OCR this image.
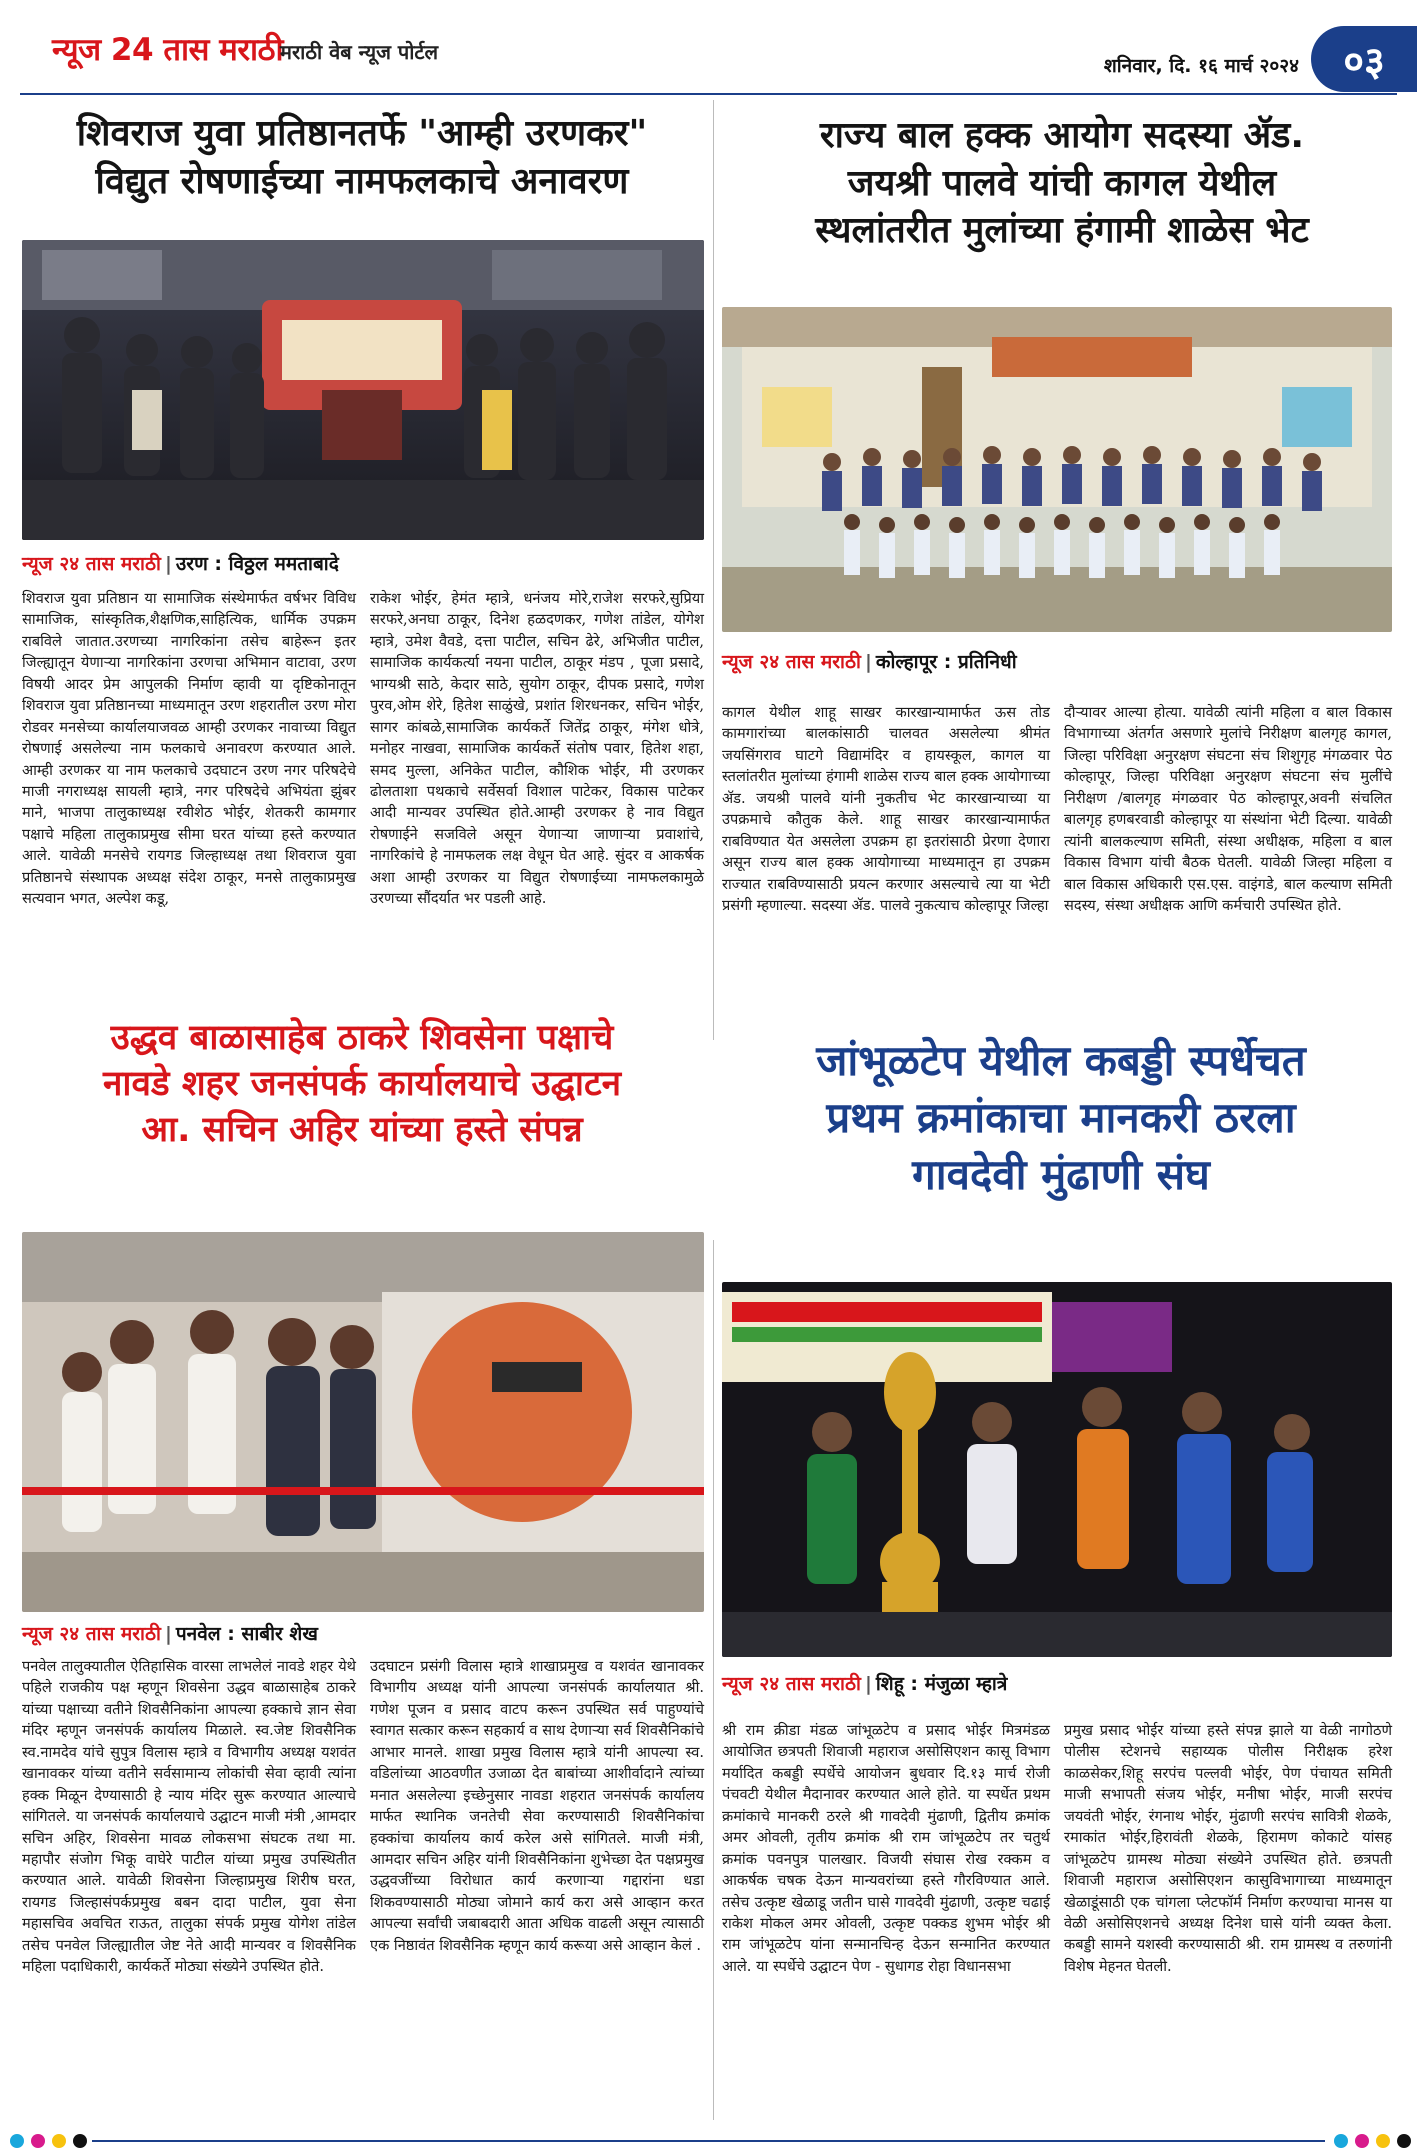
न्यूज 24 तास मराठी
मराठी वेब न्यूज पोर्टल
शनिवार, दि. १६ मार्च २०२४	०३
शिवराज युवा प्रतिष्ठानतर्फे "आम्ही उरणकर"
विद्युत रोषणाईच्या नामफलकाचे अनावरण
न्यूज २४ तास मराठी | उरण : विठ्ठल ममताबादे

शिवराज युवा प्रतिष्ठान या सामाजिक संस्थेमार्फत वर्षभर विविध सामाजिक, सांस्कृतिक,शैक्षणिक,साहित्यिक, धार्मिक उपक्रम राबविले जातात.उरणच्या नागरिकांना तसेच बाहेरून इतर जिल्ह्यातून येणाऱ्या नागरिकांना उरणचा अभिमान वाटावा, उरण विषयी आदर प्रेम आपुलकी निर्माण व्हावी या दृष्टिकोनातून शिवराज युवा प्रतिष्ठानच्या माध्यमातून उरण शहरातील उरण मोरा रोडवर मनसेच्या कार्यालयाजवळ आम्ही उरणकर नावाच्या विद्युत रोषणाई असलेल्या नाम फलकाचे अनावरण करण्यात आले. आम्ही उरणकर या नाम फलकाचे उदघाटन उरण नगर परिषदेचे माजी नगराध्यक्ष सायली म्हात्रे, नगर परिषदेचे अभियंता झुंबर माने, भाजपा तालुकाध्यक्ष रवीशेठ भोईर, शेतकरी कामगार पक्षाचे महिला तालुकाप्रमुख सीमा घरत यांच्या हस्ते करण्यात आले. यावेळी मनसेचे रायगड जिल्हाध्यक्ष तथा शिवराज युवा प्रतिष्ठानचे संस्थापक अध्यक्ष संदेश ठाकूर, मनसे तालुकाप्रमुख सत्यवान भगत, अल्पेश कडू,

राकेश भोईर, हेमंत म्हात्रे, धनंजय मोरे,राजेश सरफरे,सुप्रिया सरफरे,अनघा ठाकूर, दिनेश हळदणकर, गणेश तांडेल, योगेश म्हात्रे, उमेश वैवडे, दत्ता पाटील, सचिन ढेरे, अभिजीत पाटील, सामाजिक कार्यकर्त्या नयना पाटील, ठाकूर मंडप , पूजा प्रसादे, भाग्यश्री साठे, केदार साठे, सुयोग ठाकूर, दीपक प्रसादे, गणेश पुरव,ओम शेरे, हितेश साळुंखे, प्रशांत शिरधनकर, सचिन भोईर, सागर कांबळे,सामाजिक कार्यकर्ते जितेंद्र ठाकूर, मंगेश धोत्रे, मनोहर नाखवा, सामाजिक कार्यकर्ते संतोष पवार, हितेश शहा, समद मुल्ला, अनिकेत पाटील, कौशिक भोईर, मी उरणकर ढोलताशा पथकाचे सर्वेसर्वा विशाल पाटेकर, विकास पाटेकर आदी मान्यवर उपस्थित होते.आम्ही उरणकर हे नाव विद्युत रोषणाईने सजविले असून येणाऱ्या जाणाऱ्या प्रवाशांचे, नागरिकांचे हे नामफलक लक्ष वेधून घेत आहे. सुंदर व आकर्षक अशा आम्ही उरणकर या विद्युत रोषणाईच्या नामफलकामुळे उरणच्या सौंदर्यात भर पडली आहे.

राज्य बाल हक्क आयोग सदस्या ॲड.
जयश्री पालवे यांची कागल येथील
स्थलांतरीत मुलांच्या हंगामी शाळेस भेट
न्यूज २४ तास मराठी | कोल्हापूर : प्रतिनिधी

कागल येथील शाहू साखर कारखान्यामार्फत ऊस तोड कामगारांच्या बालकांसाठी चालवत असलेल्या श्रीमंत जयसिंगराव घाटगे विद्यामंदिर व हायस्कूल, कागल या स्तलांतरीत मुलांच्या हंगामी शाळेस राज्य बाल हक्क आयोगाच्या ॲड. जयश्री पालवे यांनी नुकतीच भेट कारखान्याच्या या उपक्रमाचे कौतुक केले. शाहू साखर कारखान्यामार्फत राबविण्यात येत असलेला उपक्रम हा इतरांसाठी प्रेरणा देणारा असून राज्य बाल हक्क आयोगाच्या माध्यमातून हा उपक्रम राज्यात राबविण्यासाठी प्रयत्न करणार असल्याचे त्या या भेटी प्रसंगी म्हणाल्या. सदस्या ॲड. पालवे नुकत्याच कोल्हापूर जिल्हा

दौऱ्यावर आल्या होत्या. यावेळी त्यांनी महिला व बाल विकास विभागाच्या अंतर्गत असणारे मुलांचे निरीक्षण बालगृह कागल, जिल्हा परिविक्षा अनुरक्षण संघटना संच शिशुगृह मंगळवार पेठ कोल्हापूर, जिल्हा परिविक्षा अनुरक्षण संघटना संच मुलींचे निरीक्षण /बालगृह मंगळवार पेठ कोल्हापूर,अवनी संचलित बालगृह हणबरवाडी कोल्हापूर या संस्थांना भेटी दिल्या. यावेळी त्यांनी बालकल्याण समिती, संस्था अधीक्षक, महिला व बाल विकास विभाग यांची बैठक घेतली. यावेळी जिल्हा महिला व बाल विकास अधिकारी एस.एस. वाइंगडे, बाल कल्याण समिती सदस्य, संस्था अधीक्षक आणि कर्मचारी उपस्थित होते.

उद्धव बाळासाहेब ठाकरे शिवसेना पक्षाचे
नावडे शहर जनसंपर्क कार्यालयाचे उद्घाटन
आ. सचिन अहिर यांच्या हस्ते संपन्न
न्यूज २४ तास मराठी | पनवेल : साबीर शेख

पनवेल तालुक्यातील ऐतिहासिक वारसा लाभलेलं नावडे शहर येथे पहिले राजकीय पक्ष म्हणून शिवसेना उद्धव बाळासाहेब ठाकरे यांच्या पक्षाच्या वतीने शिवसैनिकांना आपल्या हक्काचे ज्ञान सेवा मंदिर म्हणून जनसंपर्क कार्यालय मिळाले. स्व.जेष्ट शिवसैनिक स्व.नामदेव यांचे सुपुत्र विलास म्हात्रे व विभागीय अध्यक्ष यशवंत खानावकर यांच्या वतीने सर्वसामान्य लोकांची सेवा व्हावी त्यांना हक्क मिळून देण्यासाठी हे न्याय मंदिर सुरू करण्यात आल्याचे सांगितले. या जनसंपर्क कार्यालयाचे उद्घाटन माजी मंत्री ,आमदार सचिन अहिर, शिवसेना मावळ लोकसभा संघटक तथा मा. महापौर संजोग भिकू वाघेरे पाटील यांच्या प्रमुख उपस्थितीत करण्यात आले. यावेळी शिवसेना जिल्हाप्रमुख शिरीष घरत, रायगड जिल्हासंपर्कप्रमुख बबन दादा पाटील, युवा सेना महासचिव अवचित राऊत, तालुका संपर्क प्रमुख योगेश तांडेल तसेच पनवेल जिल्ह्यातील जेष्ट नेते आदी मान्यवर व शिवसैनिक महिला पदाधिकारी, कार्यकर्ते मोठ्या संख्येने उपस्थित होते.

उदघाटन प्रसंगी विलास म्हात्रे शाखाप्रमुख व यशवंत खानावकर विभागीय अध्यक्ष यांनी आपल्या जनसंपर्क कार्यालयात श्री. गणेश पूजन व प्रसाद वाटप करून उपस्थित सर्व पाहुण्यांचे स्वागत सत्कार करून सहकार्य व साथ देणाऱ्या सर्व शिवसैनिकांचे आभार मानले. शाखा प्रमुख विलास म्हात्रे यांनी आपल्या स्व. वडिलांच्या आठवणीत उजाळा देत बाबांच्या आशीर्वादाने त्यांच्या मनात असलेल्या इच्छेनुसार नावडा शहरात जनसंपर्क कार्यालय मार्फत स्थानिक जनतेची सेवा करण्यासाठी शिवसैनिकांचा हक्कांचा कार्यालय कार्य करेल असे सांगितले. माजी मंत्री, आमदार सचिन अहिर यांनी शिवसैनिकांना शुभेच्छा देत पक्षप्रमुख उद्धवजींच्या विरोधात कार्य करणाऱ्या गद्दारांना धडा शिकवण्यासाठी मोठ्या जोमाने कार्य करा असे आव्हान करत आपल्या सर्वांची जबाबदारी आता अधिक वाढली असून त्यासाठी एक निष्ठावंत शिवसैनिक म्हणून कार्य करूया असे आव्हान केलं .

जांभूळटेप येथील कबड्डी स्पर्धेचत
प्रथम क्रमांकाचा मानकरी ठरला
गावदेवी मुंढाणी संघ
न्यूज २४ तास मराठी | शिहू : मंजुळा म्हात्रे

श्री राम क्रीडा मंडळ जांभूळटेप व प्रसाद भोईर मित्रमंडळ आयोजित छत्रपती शिवाजी महाराज असोसिएशन कासू विभाग मर्यादित कबड्डी स्पर्धेचे आयोजन बुधवार दि.१३ मार्च रोजी पंचवटी येथील मैदानावर करण्यात आले होते. या स्पर्धेत प्रथम क्रमांकाचे मानकरी ठरले श्री गावदेवी मुंढाणी, द्वितीय क्रमांक अमर ओवली, तृतीय क्रमांक श्री राम जांभूळटेप तर चतुर्थ क्रमांक पवनपुत्र पालखार. विजयी संघास रोख रक्कम व आकर्षक चषक देऊन मान्यवरांच्या हस्ते गौरविण्यात आले. तसेच उत्कृष्ट खेळाडू जतीन घासे गावदेवी मुंढाणी, उत्कृष्ट चढाई राकेश मोकल अमर ओवली, उत्कृष्ट पक्कड शुभम भोईर श्री राम जांभूळटेप यांना सन्मानचिन्ह देऊन सन्मानित करण्यात आले. या स्पर्धेचे उद्घाटन पेण - सुधागड रोहा विधानसभा

प्रमुख प्रसाद भोईर यांच्या हस्ते संपन्न झाले या वेळी नागोठणे पोलीस स्टेशनचे सहाय्यक पोलीस निरीक्षक हरेश काळसेकर,शिहू सरपंच पल्लवी भोईर, पेण पंचायत समिती माजी सभापती संजय भोईर, मनीषा भोईर, माजी सरपंच जयवंती भोईर, रंगनाथ भोईर, मुंढाणी सरपंच सावित्री शेळके, रमाकांत भोईर,हिरावंती शेळके, हिरामण कोकाटे यांसह जांभूळटेप ग्रामस्थ मोठ्या संख्येने उपस्थित होते. छत्रपती शिवाजी महाराज असोसिएशन कासुविभागाच्या माध्यमातून खेळाडूंसाठी एक चांगला प्लेटफॉर्म निर्माण करण्याचा मानस या वेळी असोसिएशनचे अध्यक्ष दिनेश घासे यांनी व्यक्त केला. कबड्डी सामने यशस्वी करण्यासाठी श्री. राम ग्रामस्थ व तरुणांनी विशेष मेहनत घेतली.
